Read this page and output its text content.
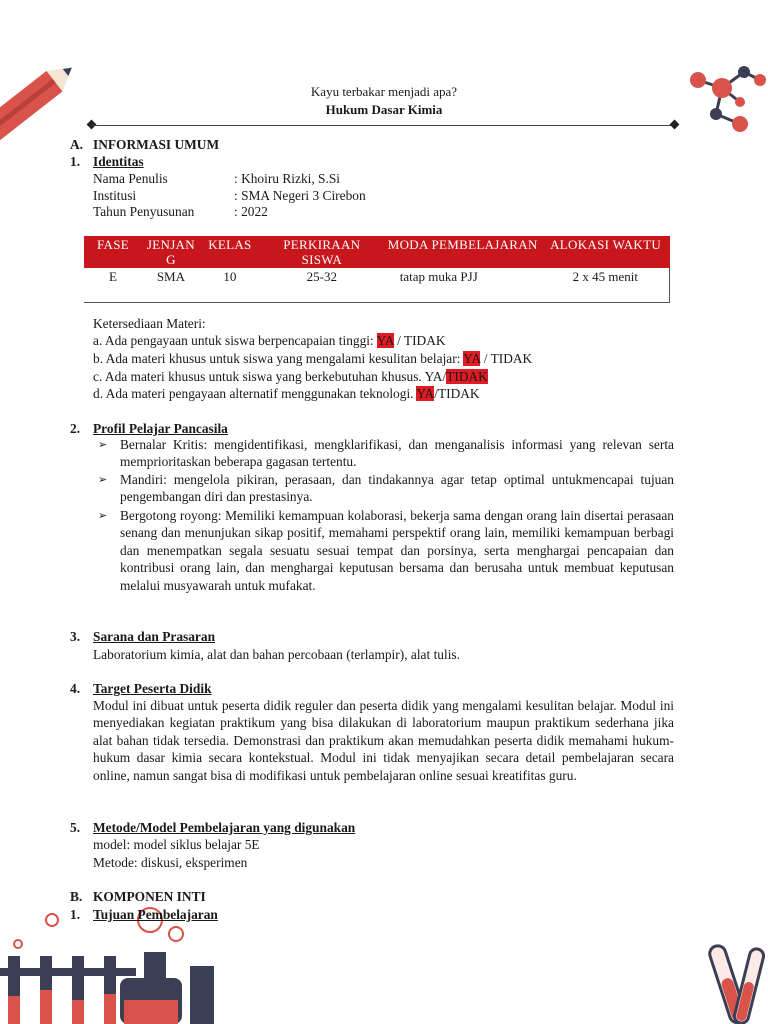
Kayu terbakar menjadi apa?
Hukum Dasar Kimia
A. INFORMASI UMUM
1. Identitas
Nama Penulis	: Khoiru Rizki, S.Si
Institusi	: SMA Negeri 3 Cirebon
Tahun Penyusunan	: 2022
FASE	JENJAN G	KELAS	PERKIRAAN SISWA	MODA PEMBELAJARAN	ALOKASI WAKTU
E	SMA	10	25-32	tatap muka PJJ	2 x 45 menit
Ketersediaan Materi:
a. Ada pengayaan untuk siswa berpencapaian tinggi: YA / TIDAK
b. Ada materi khusus untuk siswa yang mengalami kesulitan belajar: YA / TIDAK
c. Ada materi khusus untuk siswa yang berkebutuhan khusus. YA/TIDAK
d. Ada materi pengayaan alternatif menggunakan teknologi. YA/TIDAK
2. Profil Pelajar Pancasila
➢ Bernalar Kritis: mengidentifikasi, mengklarifikasi, dan menganalisis informasi yang relevan serta memprioritaskan beberapa gagasan tertentu.
➢ Mandiri: mengelola pikiran, perasaan, dan tindakannya agar tetap optimal untukmencapai tujuan pengembangan diri dan prestasinya.
➢ Bergotong royong: Memiliki kemampuan kolaborasi, bekerja sama dengan orang lain disertai perasaan senang dan menunjukan sikap positif, memahami perspektif orang lain, memiliki kemampuan berbagi dan menempatkan segala sesuatu sesuai tempat dan porsinya, serta menghargai pencapaian dan kontribusi orang lain, dan menghargai keputusan bersama dan berusaha untuk membuat keputusan melalui musyawarah untuk mufakat.
3. Sarana dan Prasaran
Laboratorium kimia, alat dan bahan percobaan (terlampir), alat tulis.
4. Target Peserta Didik
Modul ini dibuat untuk peserta didik reguler dan peserta didik yang mengalami kesulitan belajar. Modul ini menyediakan kegiatan praktikum yang bisa dilakukan di laboratorium maupun praktikum sederhana jika alat bahan tidak tersedia. Demonstrasi dan praktikum akan memudahkan peserta didik memahami hukum-hukum dasar kimia secara kontekstual. Modul ini tidak menyajikan secara detail pembelajaran secara online, namun sangat bisa di modifikasi untuk pembelajaran online sesuai kreatifitas guru.
5. Metode/Model Pembelajaran yang digunakan
model: model siklus belajar 5E
Metode: diskusi, eksperimen
B. KOMPONEN INTI
1. Tujuan Pembelajaran
